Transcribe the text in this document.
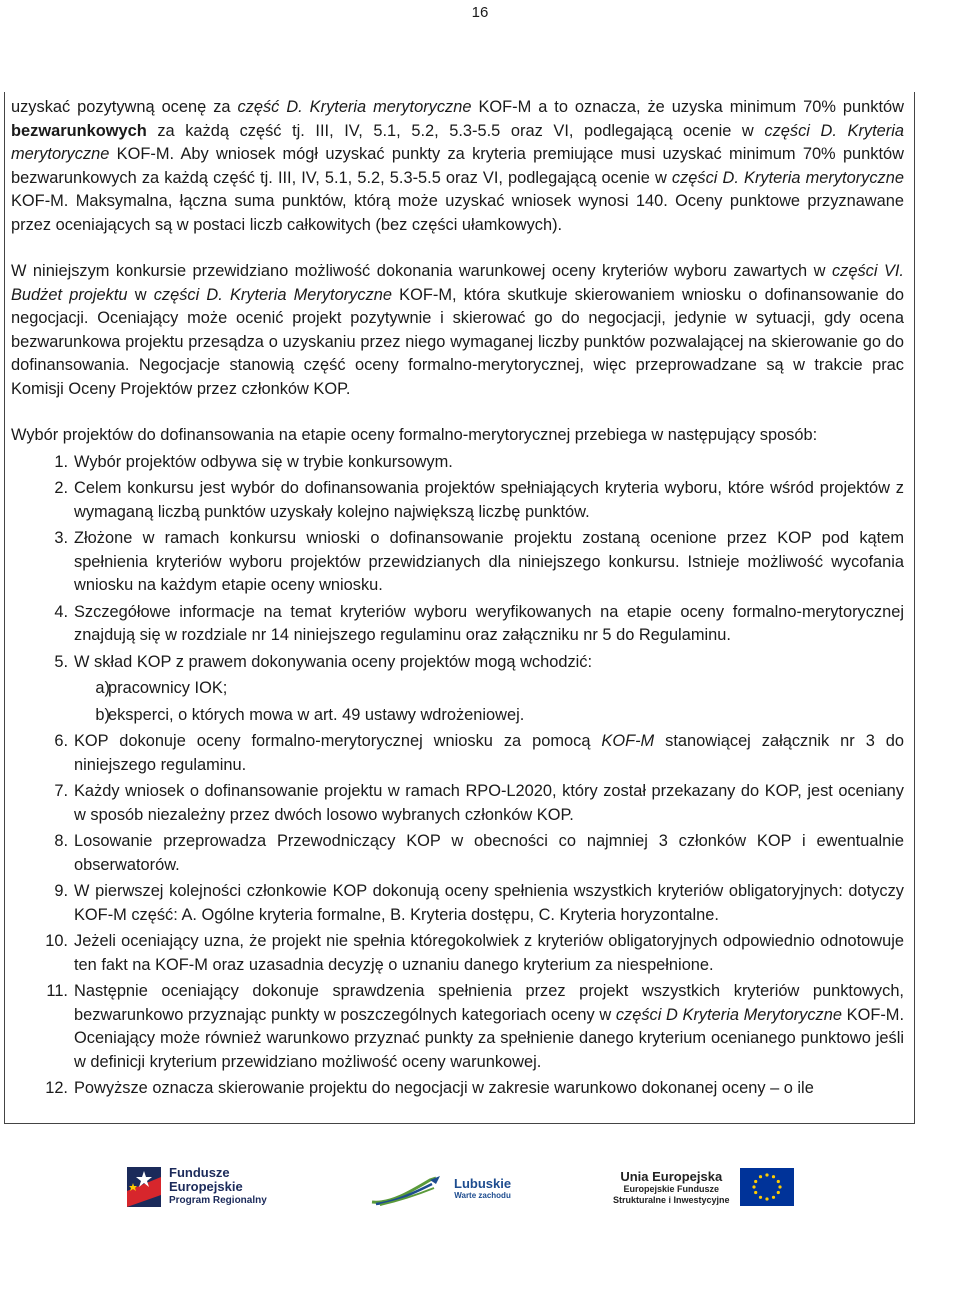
16

uzyskać pozytywną ocenę za część D. Kryteria merytoryczne KOF-M a to oznacza, że uzyska minimum 70% punktów bezwarunkowych za każdą część tj. III, IV, 5.1, 5.2, 5.3-5.5 oraz VI, podlegającą ocenie w części D. Kryteria merytoryczne KOF-M. Aby wniosek mógł uzyskać punkty za kryteria premiujące musi uzyskać minimum 70% punktów bezwarunkowych za każdą część tj. III, IV, 5.1, 5.2, 5.3-5.5 oraz VI, podlegającą ocenie w części D. Kryteria merytoryczne KOF-M. Maksymalna, łączna suma punktów, którą może uzyskać wniosek wynosi 140. Oceny punktowe przyznawane przez oceniających są w postaci liczb całkowitych (bez części ułamkowych).

W niniejszym konkursie przewidziano możliwość dokonania warunkowej oceny kryteriów wyboru zawartych w części VI. Budżet projektu w części D. Kryteria Merytoryczne KOF-M, która skutkuje skierowaniem wniosku o dofinansowanie do negocjacji. Oceniający może ocenić projekt pozytywnie i skierować go do negocjacji, jedynie w sytuacji, gdy ocena bezwarunkowa projektu przesądza o uzyskaniu przez niego wymaganej liczby punktów pozwalającej na skierowanie go do dofinansowania. Negocjacje stanowią część oceny formalno-merytorycznej, więc przeprowadzane są w trakcie prac Komisji Oceny Projektów przez członków KOP.

Wybór projektów do dofinansowania na etapie oceny formalno-merytorycznej przebiega w następujący sposób:

1. Wybór projektów odbywa się w trybie konkursowym.
2. Celem konkursu jest wybór do dofinansowania projektów spełniających kryteria wyboru, które wśród projektów z wymaganą liczbą punktów uzyskały kolejno największą liczbę punktów.
3. Złożone w ramach konkursu wnioski o dofinansowanie projektu zostaną ocenione przez KOP pod kątem spełnienia kryteriów wyboru projektów przewidzianych dla niniejszego konkursu. Istnieje możliwość wycofania wniosku na każdym etapie oceny wniosku.
4. Szczegółowe informacje na temat kryteriów wyboru weryfikowanych na etapie oceny formalno-merytorycznej znajdują się w rozdziale nr 14 niniejszego regulaminu oraz załączniku nr 5 do Regulaminu.
5. W skład KOP z prawem dokonywania oceny projektów mogą wchodzić:
a)
pracownicy IOK;
b)
eksperci, o których mowa w art. 49 ustawy wdrożeniowej.
6. KOP dokonuje oceny formalno-merytorycznej wniosku za pomocą KOF-M stanowiącej załącznik nr 3 do niniejszego regulaminu.
7. Każdy wniosek o dofinansowanie projektu w ramach RPO-L2020, który został przekazany do KOP, jest oceniany w sposób niezależny przez dwóch losowo wybranych członków KOP.
8. Losowanie przeprowadza Przewodniczący KOP w obecności co najmniej 3 członków KOP i ewentualnie obserwatorów.
9. W pierwszej kolejności członkowie KOP dokonują oceny spełnienia wszystkich kryteriów obligatoryjnych: dotyczy KOF-M część: A. Ogólne kryteria formalne, B. Kryteria dostępu, C. Kryteria horyzontalne.
10. Jeżeli oceniający uzna, że projekt nie spełnia któregokolwiek z kryteriów obligatoryjnych odpowiednio odnotowuje ten fakt na KOF-M oraz uzasadnia decyzję o uznaniu danego kryterium za niespełnione.
11. Następnie oceniający dokonuje sprawdzenia spełnienia przez projekt wszystkich kryteriów punktowych, bezwarunkowo przyznając punkty w poszczególnych kategoriach oceny w części D Kryteria Merytoryczne KOF-M. Oceniający może również warunkowo przyznać punkty za spełnienie danego kryterium ocenianego punktowo jeśli w definicji kryterium przewidziano możliwość oceny warunkowej.
12. Powyższe oznacza skierowanie projektu do negocjacji w zakresie warunkowo dokonanej oceny – o ile
Fundusze
Europejskie
Program Regionalny
Lubuskie
Warte zachodu
Unia Europejska
Europejskie Fundusze
Strukturalne i Inwestycyjne
